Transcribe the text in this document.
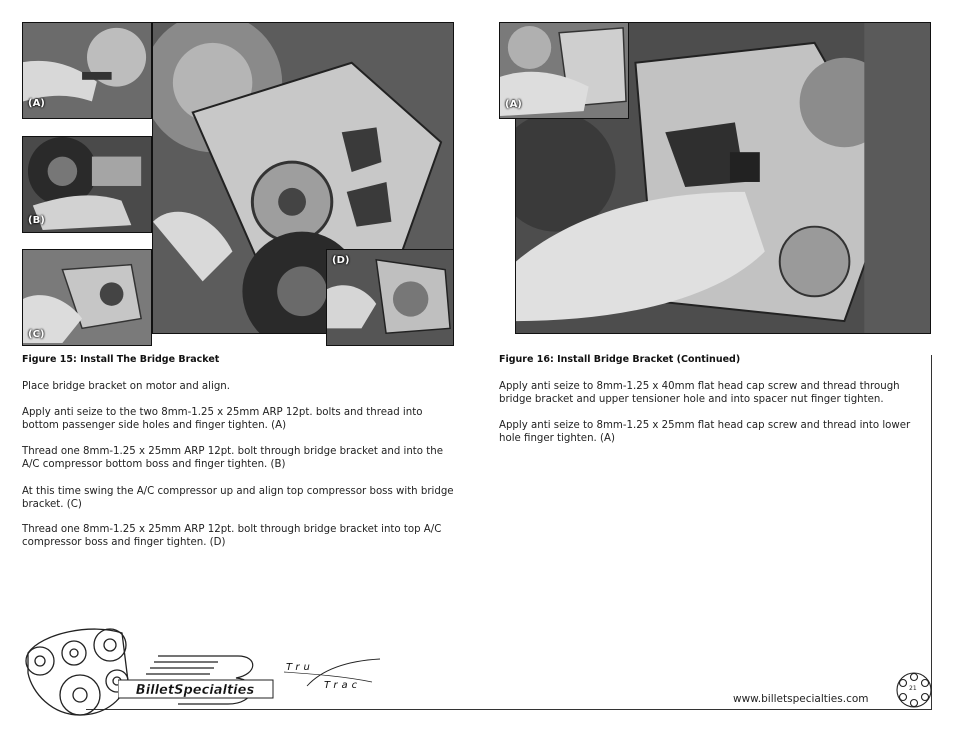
(A)
(B)
(C)
(D)
Figure 15: Install The Bridge Bracket

Place bridge bracket on motor and align.

Apply anti seize to the two 8mm-1.25 x 25mm ARP 12pt. bolts and thread into bottom passenger side holes and finger tighten. (A)

Thread one 8mm-1.25 x 25mm ARP 12pt. bolt through bridge bracket and into the A/C compressor bottom boss and finger tighten. (B)

At this time swing the A/C compressor up and align top compressor boss with bridge bracket. (C)

Thread one 8mm-1.25 x 25mm ARP 12pt. bolt through bridge bracket into top A/C compressor boss and finger tighten. (D)

(A)
Figure 16: Install Bridge Bracket (Continued)

Apply anti seize to 8mm-1.25 x 40mm flat head cap screw and thread through bridge bracket and upper tensioner hole and into spacer nut finger tighten.

Apply anti seize to 8mm-1.25 x 25mm flat head cap screw and thread into lower hole finger tighten. (A)

BilletSpecialties
Tru
Trac
www.billetspecialties.com
21
